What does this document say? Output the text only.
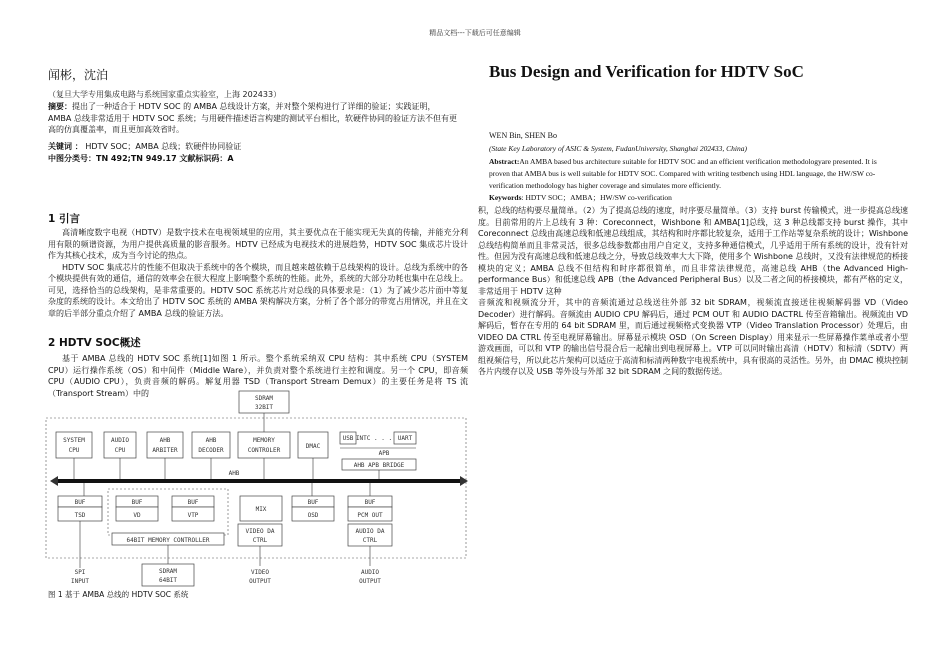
精品文档---下载后可任意编辑
闻彬，沈泊
（复旦大学专用集成电路与系统国家重点实验室，上海 202433）
摘要：提出了一种适合于 HDTV SOC 的 AMBA 总线设计方案，并对整个架构进行了详细的验证；实践证明，AMBA 总线非常适用于 HDTV SOC 系统；与用硬件描述语言构建的测试平台相比，软硬件协同的验证方法不但有更高的仿真覆盖率，而且更加高效省时。
关键词 ： HDTV SOC；AMBA 总线；软硬件协同验证
中图分类号：TN 492;TN 949.17 文献标识码：A
1 引言
高清晰度数字电视（HDTV）是数字技术在电视领域里的应用，其主要优点在于能实现无失真的传输，并能充分利用有限的频谱资源，为用户提供高质量的影音服务。HDTV 已经成为电视技术的进展趋势，HDTV SOC 集成芯片设计作为其核心技术，成为当今讨论的热点。
HDTV SOC 集成芯片的性能不但取决于系统中的各个模块，而且越来越依赖于总线架构的设计。总线为系统中的各个模块提供有效的通信，通信的效率会在很大程度上影响整个系统的性能。此外，系统的大部分功耗也集中在总线上。可见，选择恰当的总线架构，是非常重要的。HDTV SOC 系统芯片对总线的具体要求是：（1）为了减少芯片面中等复杂度的系统的设计。本文给出了 HDTV SOC 系统的 AMBA 架构解决方案，分析了各个部分的带宽占用情况，并且在文章的后半部分重点介绍了 AMBA 总线的验证方法。
2 HDTV SOC概述
基于 AMBA 总线的 HDTV SOC 系统[1]如图 1 所示。整个系统采纳双 CPU 结构：其中系统 CPU（SYSTEM CPU）运行操作系统（OS）和中间件（Middle Ware），并负责对整个系统进行主控和调度。另一个 CPU，即音频 CPU（AUDIO CPU），负责音频的解码。解复用器 TSD（Transport Stream Demux）的主要任务是将 TS 流（Transport Stream）中的
SDRAM
32BIT
SYSTEM
CPU
AUDIO
CPU
AHB
ARBITER
AHB
DECODER
MEMORY
CONTROLER
DMAC
USB INTC . . . UART
APB
AHB APB BRIDGE
AHB
BUF
TSD
BUF
VD
BUF
VTP
MIX
BUF
OSD
BUF
PCM OUT
64BIT MEMORY CONTROLLER
VIDEO DA
CTRL
AUDIO DA
CTRL
SPI
INPUT
SDRAM
64BIT
VIDEO
OUTPUT
AUDIO
OUTPUT
图 1 基于 AMBA 总线的 HDTV SOC 系统
Bus Design and Verification for HDTV SoC
WEN Bin, SHEN Bo
(State Key Laboratory of ASIC & System, FudanUniversity, Shanghai 202433, China)
Abstract:An AMBA based bus architecture suitable for HDTV SOC and an efficient verification methodologyare presented. It is proven that AMBA bus is well suitable for HDTV SOC. Compared with writing testbench using HDL language, the HW/SW co-verification methodology has higher coverage and simulates more efficiently.
Keywords: HDTV SOC；AMBA；HW/SW co-verification
积，总线的结构要尽量简单。（2）为了提高总线的速度，时序要尽量简单。（3）支持 burst 传输模式，进一步提高总线速度。目前常用的片上总线有 3 种：Coreconnect，Wishbone 和 AMBA[1]总线，这 3 种总线都支持 burst 操作，其中 Coreconnect 总线由高速总线和低速总线组成，其结构和时序都比较复杂，适用于工作站等复杂系统的设计；Wishbone 总线结构简单而且非常灵活，很多总线参数都由用户自定义，支持多种通信模式，几乎适用于所有系统的设计，没有针对性。但因为没有高速总线和低速总线之分，导致总线效率大大下降，使用多个 Wishbone 总线时，又没有法律规范的桥接模块的定义；AMBA 总线不但结构和时序都很简单，而且非常法律规范，高速总线 AHB（the Advanced High-performance Bus）和低速总线 APB（the Advanced Peripheral Bus）以及二者之间的桥接模块，都有严格的定义，非常适用于 HDTV 这种
音频流和视频流分开，其中的音频流通过总线送往外部 32 bit SDRAM，视频流直接送往视频解码器 VD（Video Decoder）进行解码。音频流由 AUDIO CPU 解码后，通过 PCM OUT 和 AUDIO DACTRL 传至音箱输出。视频流由 VD 解码后，暂存在专用的 64 bit SDRAM 里，而后通过视频格式变换器 VTP（Video Translation Processor）处理后，由 VIDEO DA CTRL 传至电视屏幕输出。屏幕显示模块 OSD（On Screen Display）用来显示一些屏幕操作菜单或者小型游戏画面，可以和 VTP 的输出信号混合后一起输出到电视屏幕上。VTP 可以同时输出高清（HDTV）和标清（SDTV）两组视频信号，所以此芯片架构可以适应于高清和标清两种数字电视系统中，具有很高的灵活性。另外，由 DMAC 模块控制各片内缓存以及 USB 等外设与外部 32 bit SDRAM 之间的数据传送。
